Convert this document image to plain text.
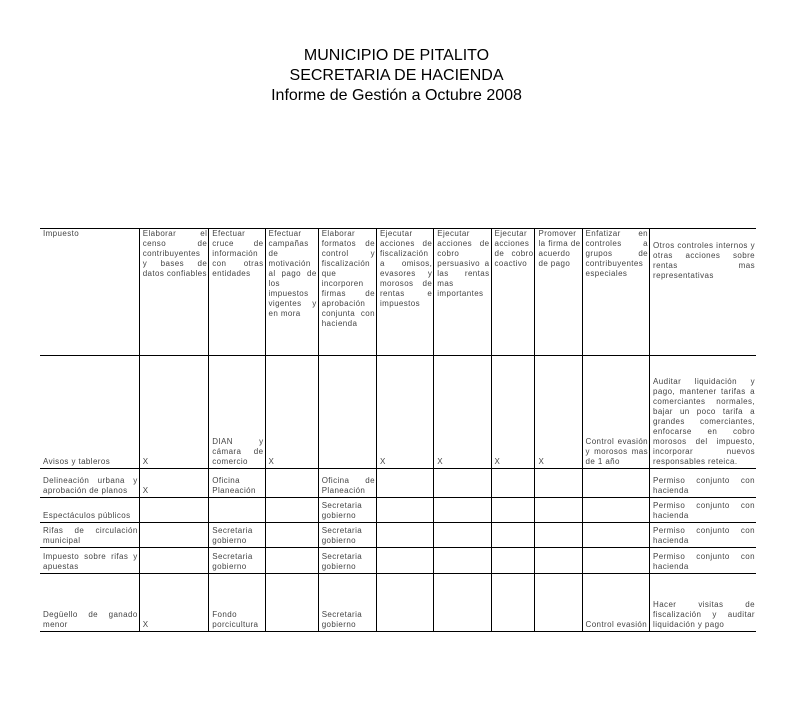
MUNICIPIO DE PITALITO
SECRETARIA DE HACIENDA
Informe de Gestión a Octubre 2008
Impuesto	Elaborar el censo de contribuyentes y bases de datos confiables	Efectuar cruce de información con otras entidades	Efectuar campañas de motivación al pago de los impuestos vigentes y en mora	Elaborar formatos de control y fiscalización que incorporen firmas de aprobación conjunta con hacienda	Ejecutar acciones de fiscalización a omisos, evasores y morosos de rentas e impuestos	Ejecutar acciones de cobro persuasivo a las rentas mas importantes	Ejecutar acciones de cobro coactivo	Promover la firma de acuerdo de pago	Enfatizar en controles a grupos de contribuyentes especiales	Otros controles internos y otras acciones sobre rentas mas representativas
Avisos y tableros	X	DIAN y cámara de comercio	X		X	X	X	X	Control evasión y morosos mas de 1 año	Auditar liquidación y pago, mantener tarifas a comerciantes normales, bajar un poco tarifa a grandes comerciantes, enfocarse en cobro morosos del impuesto, incorporar nuevos responsables reteica.
Delineación urbana y aprobación de planos	X	Oficina Planeación		Oficina de Planeación						Permiso conjunto con hacienda
Espectáculos públicos				Secretaria gobierno						Permiso conjunto con hacienda
Rifas de circulación municipal		Secretaria gobierno		Secretaria gobierno						Permiso conjunto con hacienda
Impuesto sobre rifas y apuestas		Secretaria gobierno		Secretaria gobierno						Permiso conjunto con hacienda
Degüello de ganado menor	X	Fondo porcicultura		Secretaria gobierno					Control evasión	Hacer visitas de fiscalización y auditar liquidación y pago
